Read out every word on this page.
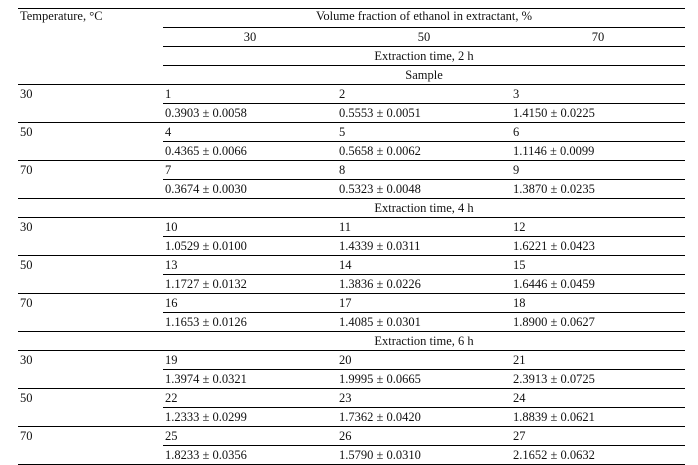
Temperature, °C	Volume fraction of ethanol in extractant, %		
	30	50	70
	Extraction time, 2 h		
	Sample		
30	1	2	3
	0.3903 ± 0.0058	0.5553 ± 0.0051	1.4150 ± 0.0225
50	4	5	6
	0.4365 ± 0.0066	0.5658 ± 0.0062	1.1146 ± 0.0099
70	7	8	9
	0.3674 ± 0.0030	0.5323 ± 0.0048	1.3870 ± 0.0235
	Extraction time, 4 h		
30	10	11	12
	1.0529 ± 0.0100	1.4339 ± 0.0311	1.6221 ± 0.0423
50	13	14	15
	1.1727 ± 0.0132	1.3836 ± 0.0226	1.6446 ± 0.0459
70	16	17	18
	1.1653 ± 0.0126	1.4085 ± 0.0301	1.8900 ± 0.0627
	Extraction time, 6 h		
30	19	20	21
	1.3974 ± 0.0321	1.9995 ± 0.0665	2.3913 ± 0.0725
50	22	23	24
	1.2333 ± 0.0299	1.7362 ± 0.0420	1.8839 ± 0.0621
70	25	26	27
	1.8233 ± 0.0356	1.5790 ± 0.0310	2.1652 ± 0.0632
